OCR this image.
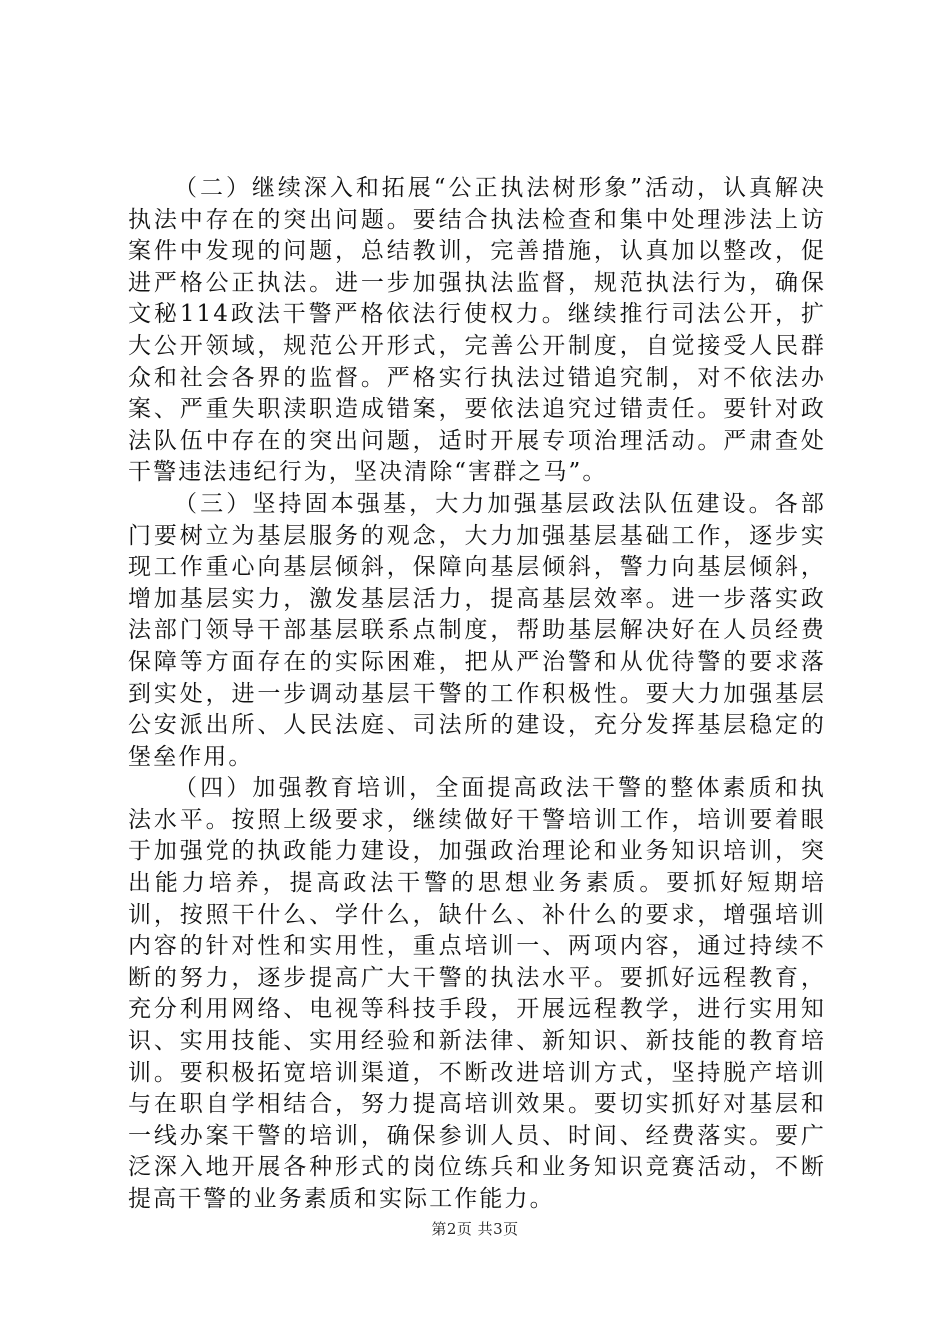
（二）继续深入和拓展“公正执法树形象”活动，认真解决执法中存在的突出问题。要结合执法检查和集中处理涉法上访案件中发现的问题，总结教训，完善措施，认真加以整改，促进严格公正执法。进一步加强执法监督，规范执法行为，确保文秘114政法干警严格依法行使权力。继续推行司法公开，扩大公开领域，规范公开形式，完善公开制度，自觉接受人民群众和社会各界的监督。严格实行执法过错追究制，对不依法办案、严重失职渎职造成错案，要依法追究过错责任。要针对政法队伍中存在的突出问题，适时开展专项治理活动。严肃查处干警违法违纪行为，坚决清除“害群之马”。

（三）坚持固本强基，大力加强基层政法队伍建设。各部门要树立为基层服务的观念，大力加强基层基础工作，逐步实现工作重心向基层倾斜，保障向基层倾斜，警力向基层倾斜，增加基层实力，激发基层活力，提高基层效率。进一步落实政法部门领导干部基层联系点制度，帮助基层解决好在人员经费保障等方面存在的实际困难，把从严治警和从优待警的要求落到实处，进一步调动基层干警的工作积极性。要大力加强基层公安派出所、人民法庭、司法所的建设，充分发挥基层稳定的堡垒作用。

（四）加强教育培训，全面提高政法干警的整体素质和执法水平。按照上级要求，继续做好干警培训工作，培训要着眼于加强党的执政能力建设，加强政治理论和业务知识培训，突出能力培养，提高政法干警的思想业务素质。要抓好短期培训，按照干什么、学什么，缺什么、补什么的要求，增强培训内容的针对性和实用性，重点培训一、两项内容，通过持续不断的努力，逐步提高广大干警的执法水平。要抓好远程教育，充分利用网络、电视等科技手段，开展远程教学，进行实用知识、实用技能、实用经验和新法律、新知识、新技能的教育培训。要积极拓宽培训渠道，不断改进培训方式，坚持脱产培训与在职自学相结合，努力提高培训效果。要切实抓好对基层和一线办案干警的培训，确保参训人员、时间、经费落实。要广泛深入地开展各种形式的岗位练兵和业务知识竞赛活动，不断提高干警的业务素质和实际工作能力。

第2页 共3页
